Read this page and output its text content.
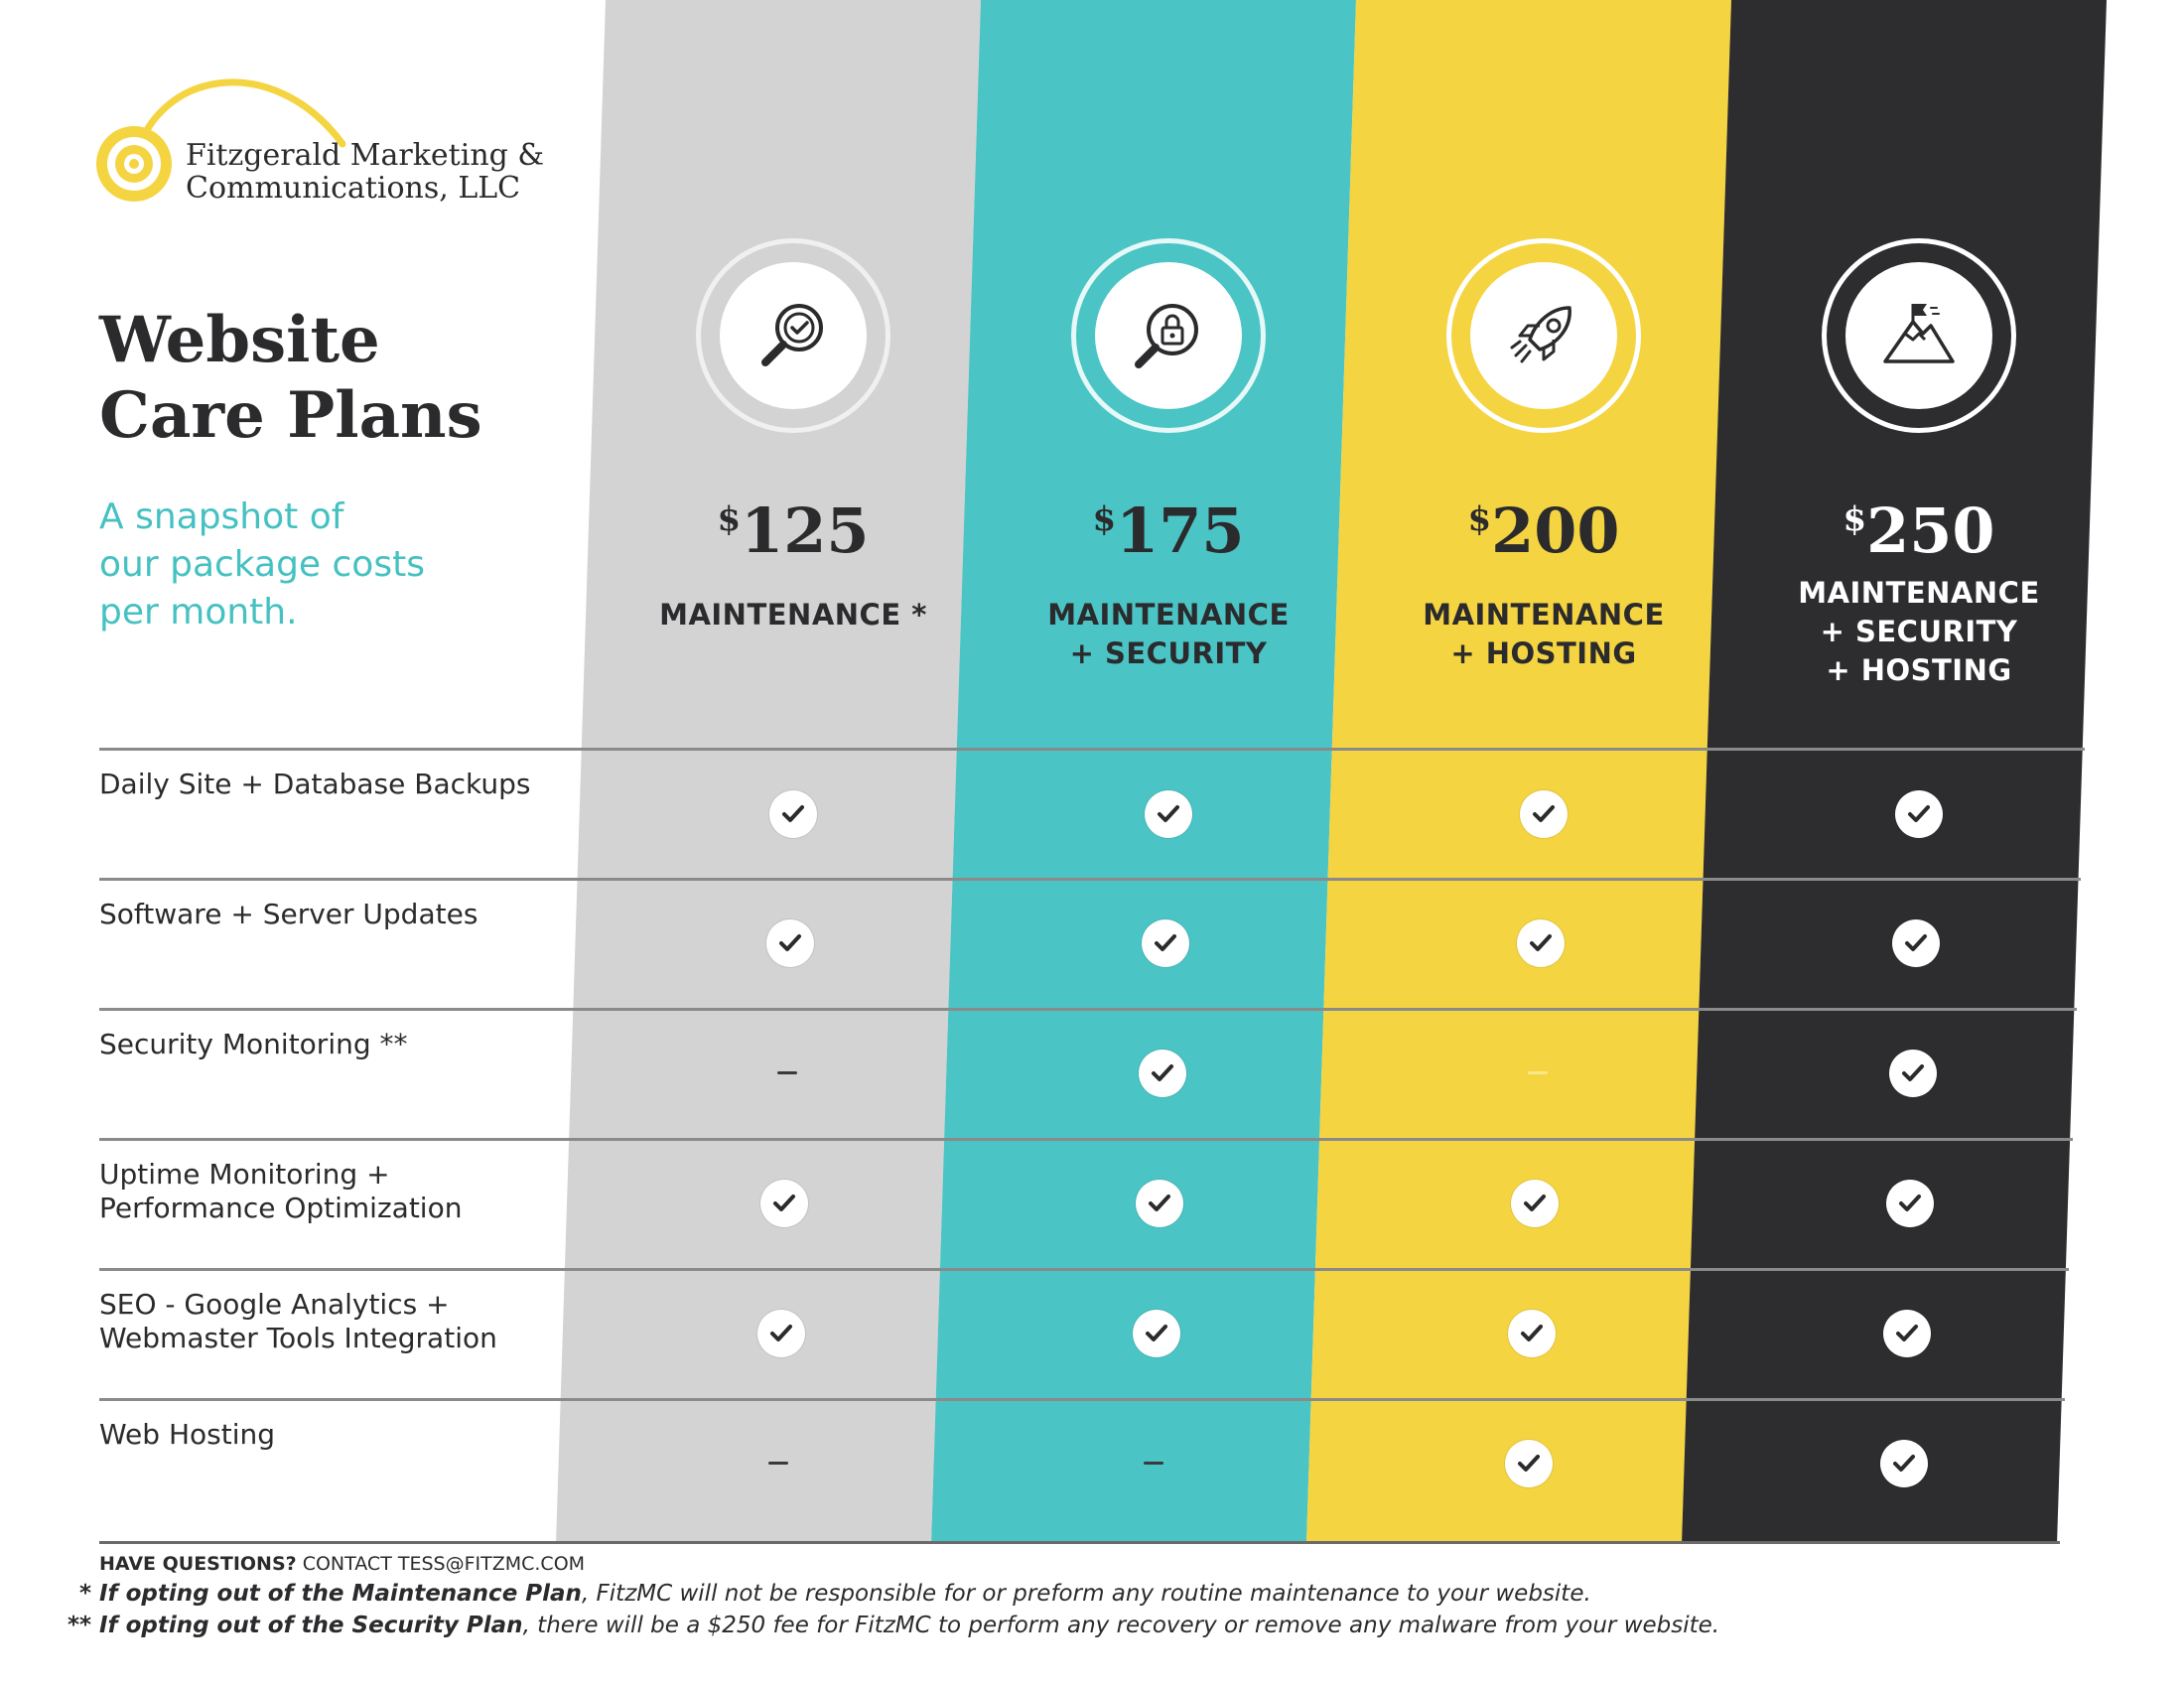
Fitzgerald Marketing &
Communications, LLC
Website
Care Plans

A snapshot of
our package costs
per month.

$125
MAINTENANCE *
$175
MAINTENANCE
+ SECURITY
$200
MAINTENANCE
+ HOSTING
$250
MAINTENANCE
+ SECURITY
+ HOSTING
Daily Site + Database Backups
Software + Server Updates
Security Monitoring **
Uptime Monitoring +
Performance Optimization
SEO - Google Analytics +
Webmaster Tools Integration
Web Hosting
HAVE QUESTIONS? CONTACT TESS@FITZMC.COM
* If opting out of the Maintenance Plan, FitzMC will not be responsible for or preform any routine maintenance to your website.
** If opting out of the Security Plan, there will be a $250 fee for FitzMC to perform any recovery or remove any malware from your website.
